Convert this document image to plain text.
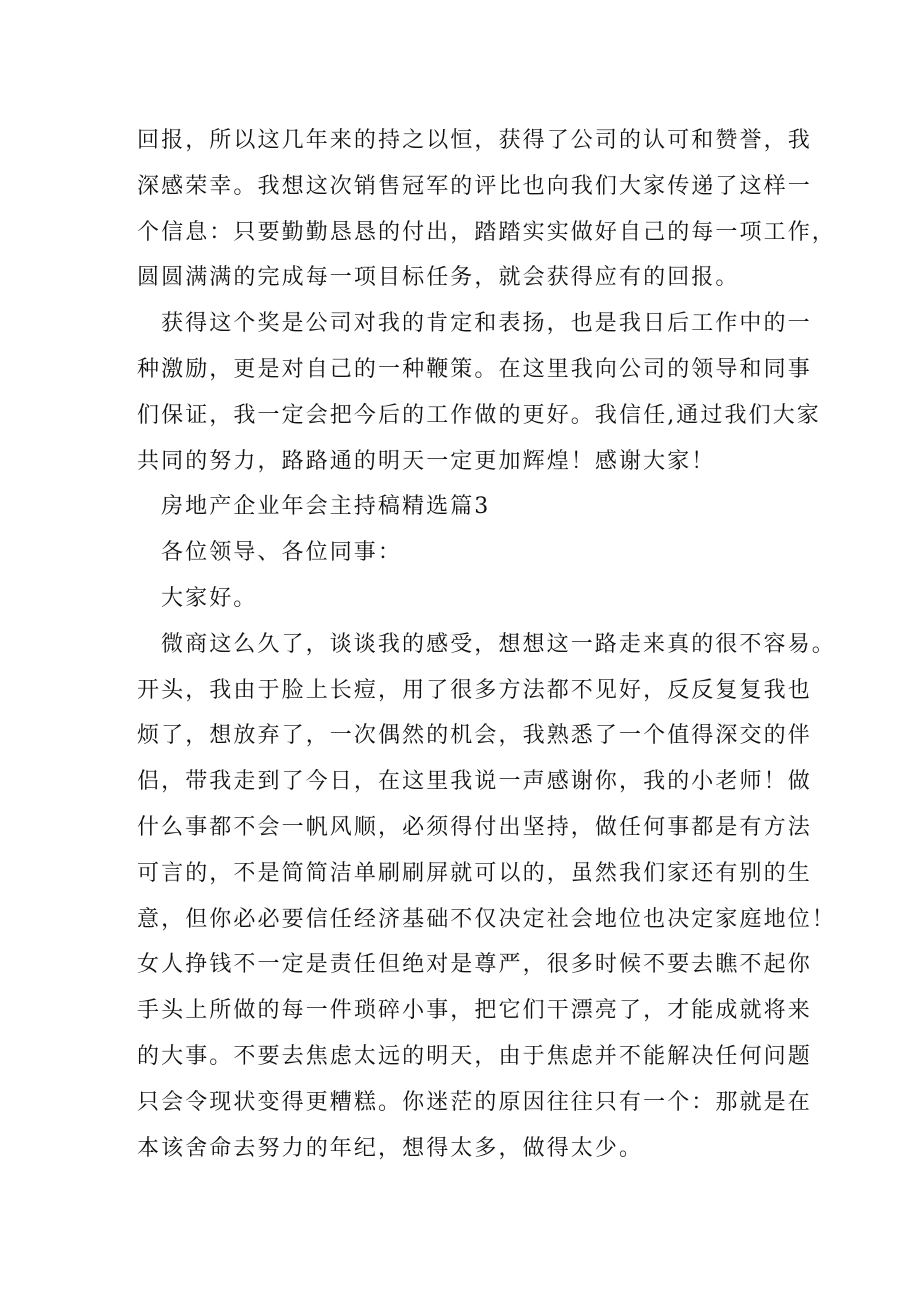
回报，所以这几年来的持之以恒，获得了公司的认可和赞誉，我
深感荣幸。我想这次销售冠军的评比也向我们大家传递了这样一
个信息：只要勤勤恳恳的付出，踏踏实实做好自己的每一项工作，
圆圆满满的完成每一项目标任务，就会获得应有的回报。
获得这个奖是公司对我的肯定和表扬，也是我日后工作中的一
种激励，更是对自己的一种鞭策。在这里我向公司的领导和同事
们保证，我一定会把今后的工作做的更好。我信任,通过我们大家
共同的努力，路路通的明天一定更加辉煌！感谢大家！
房地产企业年会主持稿精选篇3
各位领导、各位同事：
大家好。
微商这么久了，谈谈我的感受，想想这一路走来真的很不容易。
开头，我由于脸上长痘，用了很多方法都不见好，反反复复我也
烦了，想放弃了，一次偶然的机会，我熟悉了一个值得深交的伴
侣，带我走到了今日，在这里我说一声感谢你，我的小老师！做
什么事都不会一帆风顺，必须得付出坚持，做任何事都是有方法
可言的，不是简简洁单刷刷屏就可以的，虽然我们家还有别的生
意，但你必必要信任经济基础不仅决定社会地位也决定家庭地位！
女人挣钱不一定是责任但绝对是尊严，很多时候不要去瞧不起你
手头上所做的每一件琐碎小事，把它们干漂亮了，才能成就将来
的大事。不要去焦虑太远的明天，由于焦虑并不能解决任何问题
只会令现状变得更糟糕。你迷茫的原因往往只有一个：那就是在
本该舍命去努力的年纪，想得太多，做得太少。
